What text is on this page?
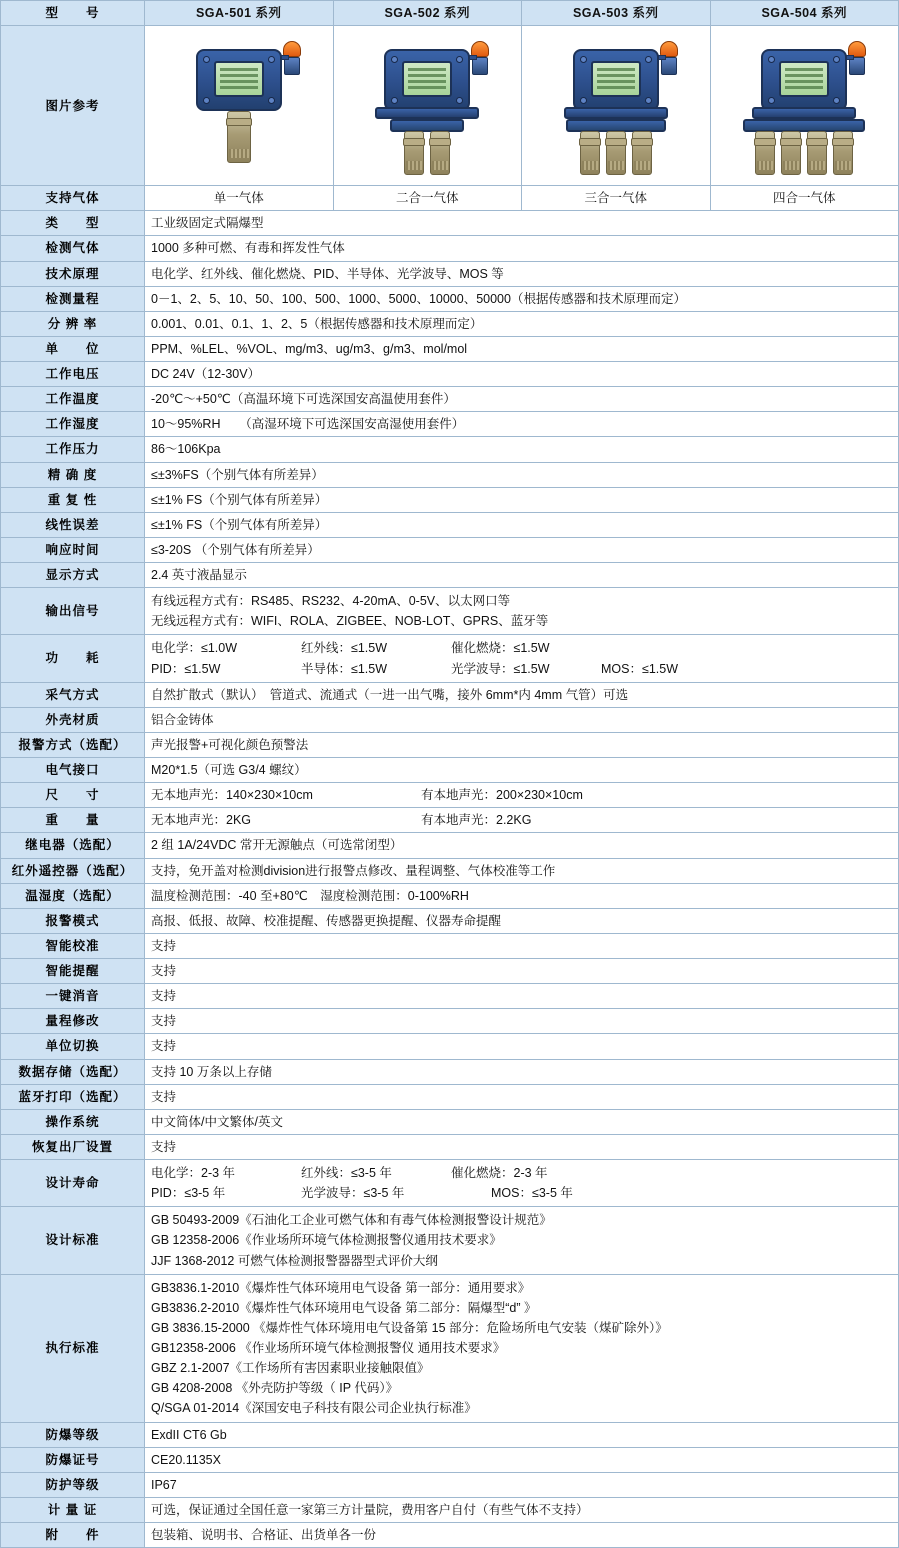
型　　号	SGA-501 系列	SGA-502 系列	SGA-503 系列	SGA-504 系列
图片参考	

支持气体	单一气体	二合一气体	三合一气体	四合一气体
类　　型	工业级固定式隔爆型			
检测气体	1000 多种可燃、有毒和挥发性气体			
技术原理	电化学、红外线、催化燃烧、PID、半导体、光学波导、MOS 等			
检测量程	0－1、2、5、10、50、100、500、1000、5000、10000、50000（根据传感器和技术原理而定）			
分 辨 率	0.001、0.01、0.1、1、2、5（根据传感器和技术原理而定）			
单　　位	PPM、%LEL、%VOL、mg/m3、ug/m3、g/m3、mol/mol			
工作电压	DC 24V（12-30V）			
工作温度	-20℃～+50℃（高温环境下可选深国安高温使用套件）			
工作湿度	10～95%RH　　（高湿环境下可选深国安高湿使用套件）			
工作压力	86～106Kpa			
精 确 度	≤±3%FS（个别气体有所差异）			
重 复 性	≤±1% FS（个别气体有所差异）			
线性误差	≤±1% FS（个别气体有所差异）			
响应时间	≤3-20S （个别气体有所差异）			
显示方式	2.4 英寸液晶显示			
输出信号	有线远程方式有：RS485、RS232、4-20mA、0-5V、以太网口等
无线远程方式有：WIFI、ROLA、ZIGBEE、NOB-LOT、GPRS、蓝牙等			

功　　耗	
电化学：≤1.0W	红外线：≤1.5W	催化燃烧：≤1.5W
PID：≤1.5W	半导体：≤1.5W	光学波导：≤1.5W	MOS：≤1.5W

采气方式	自然扩散式（默认）　管道式、流通式（一进一出气嘴，接外 6mm*内 4mm 气管）可选			
外壳材质	铝合金铸体			
报警方式（选配）	声光报警+可视化颜色预警法			
电气接口	M20*1.5（可选 G3/4 螺纹）			
尺　　寸	无本地声光：140×230×10cm 有本地声光：200×230×10cm			

重　　量	无本地声光：2KG 有本地声光：2.2KG			

继电器（选配）	2 组 1A/24VDC 常开无源触点（可选常闭型）			
红外遥控器（选配）	支持，免开盖对检测division进行报警点修改、量程调整、气体校准等工作			
温湿度（选配）	温度检测范围：-40 至+80℃　湿度检测范围：0-100%RH			
报警模式	高报、低报、故障、校准提醒、传感器更换提醒、仪器寿命提醒			
智能校准	支持			
智能提醒	支持			
一键消音	支持			
量程修改	支持			
单位切换	支持			
数据存储（选配）	支持 10 万条以上存储			
蓝牙打印（选配）	支持			
操作系统	中文简体/中文繁体/英文			
恢复出厂设置	支持			
设计寿命	
电化学：2-3 年	红外线：≤3-5 年	催化燃烧：2-3 年
PID：≤3-5 年	光学波导：≤3-5 年	MOS：≤3-5 年

设计标准	GB 50493-2009《石油化工企业可燃气体和有毒气体检测报警设计规范》
GB 12358-2006《作业场所环境气体检测报警仪通用技术要求》
JJF 1368-2012 可燃气体检测报警器器型式评价大纲			

执行标准	
GB3836.1-2010《爆炸性气体环境用电气设备 第一部分：通用要求》
GB3836.2-2010《爆炸性气体环境用电气设备 第二部分：隔爆型“d” 》
GB 3836.15-2000 《爆炸性气体环境用电气设备第 15 部分：危险场所电气安装（煤矿除外）》
GB12358-2006 《作业场所环境气体检测报警仪 通用技术要求》
GBZ 2.1-2007《工作场所有害因素职业接触限值》
GB 4208-2008 《外壳防护等级（ IP 代码）》
Q/SGA 01-2014《深国安电子科技有限公司企业执行标准》

防爆等级	ExdII CT6 Gb			
防爆证号	CE20.1135X			
防护等级	IP67			
计 量 证	可选，保证通过全国任意一家第三方计量院，费用客户自付（有些气体不支持）			
附　　件	包装箱、说明书、合格证、出货单各一份			
